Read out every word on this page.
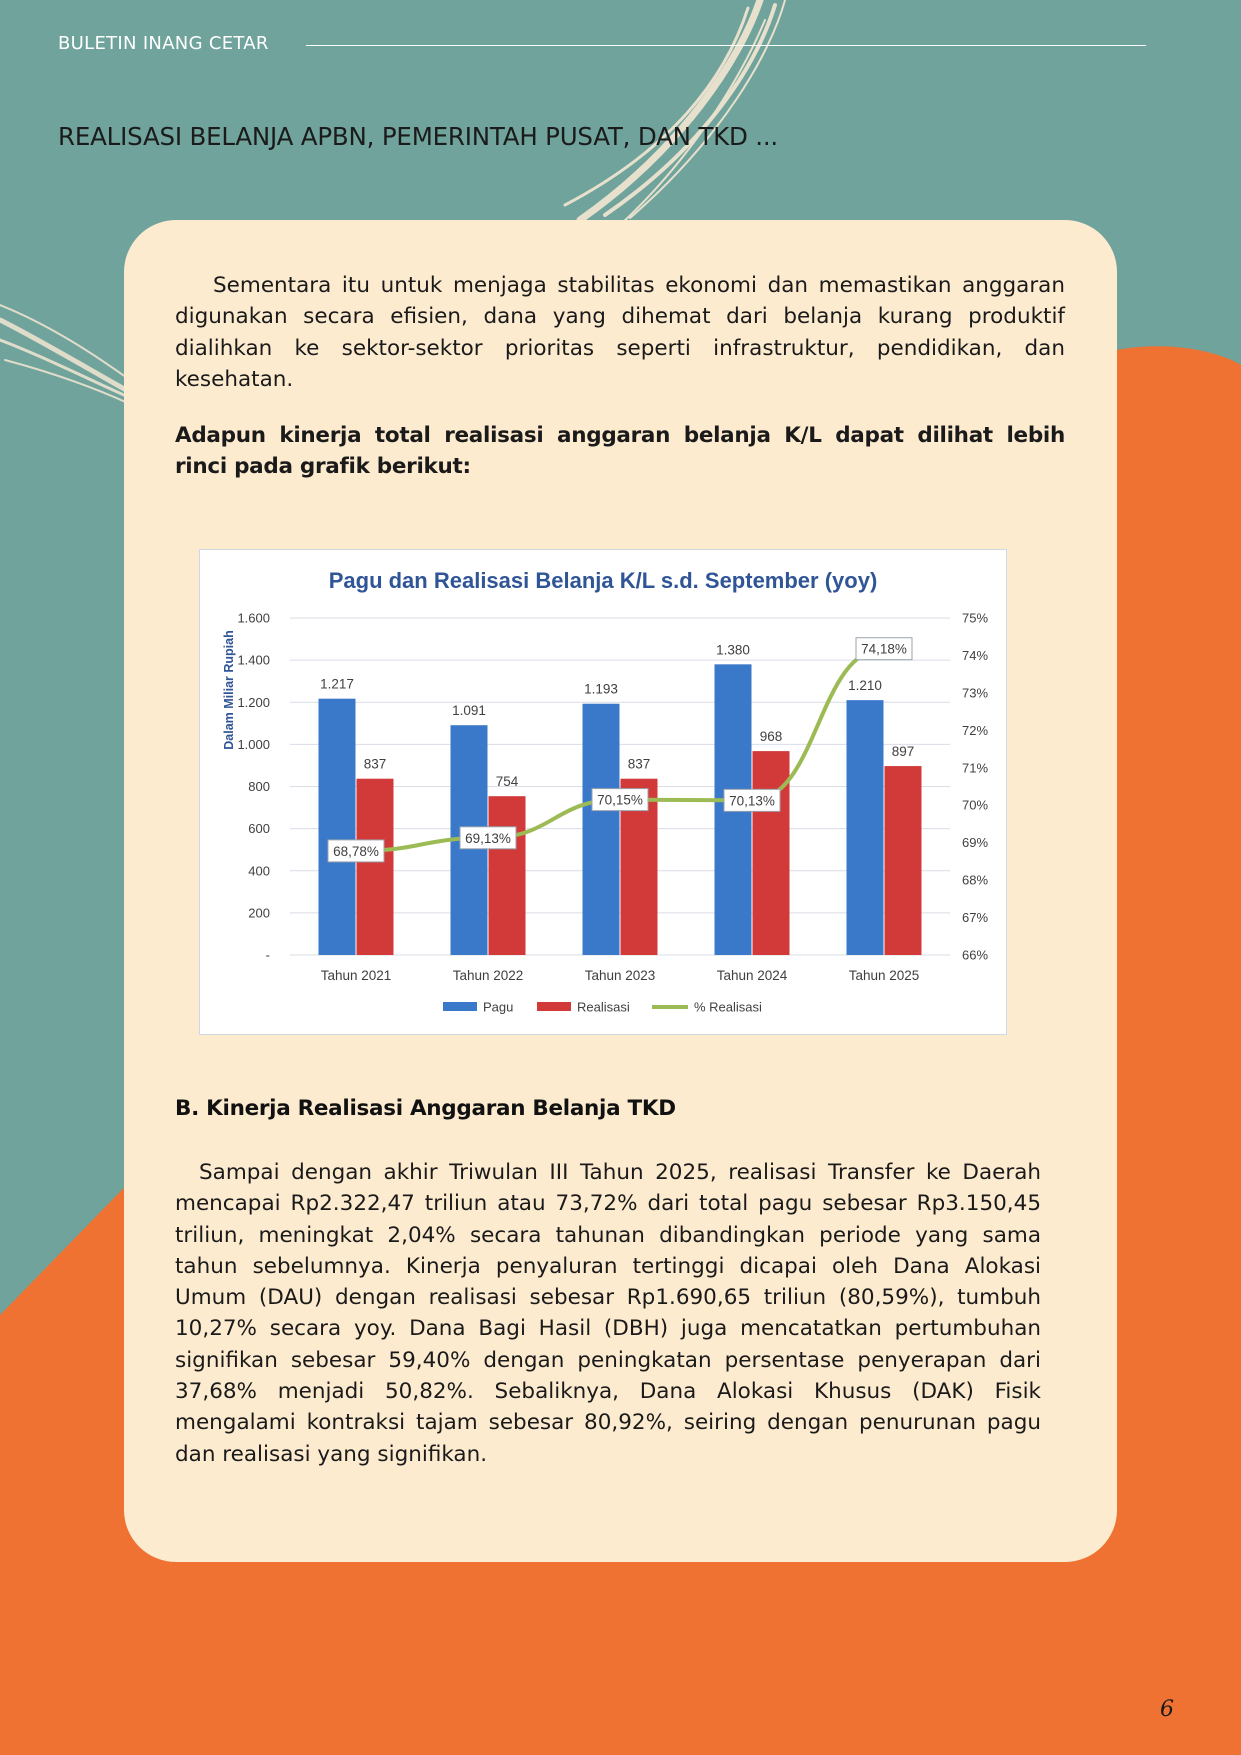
BULETIN INANG CETAR
REALISASI BELANJA APBN, PEMERINTAH PUSAT, DAN TKD ...

Sementara itu untuk menjaga stabilitas ekonomi dan memastikan anggaran digunakan secara efisien, dana yang dihemat dari belanja kurang produktif dialihkan ke sektor-sektor prioritas seperti infrastruktur, pendidikan, dan kesehatan.

Adapun kinerja total realisasi anggaran belanja K/L dapat dilihat lebih rinci pada grafik berikut:

Pagu dan Realisasi Belanja K/L s.d. September (yoy)
Dalam Miliar Rupiah	1.217
837
1.091
754
1.193
837
1.380
968
1.210
897
68,78%
69,13%
70,15%	70,13%
74,18%
-
200
400
600
800
1.000
1.200
1.400
1.600
66%
67%
68%
69%
70%
71%
72%
73%
74%
75%
Tahun 2021	Tahun 2022	Tahun 2023	Tahun 2024	Tahun 2025
Pagu	Realisasi	% Realisasi
B. Kinerja Realisasi Anggaran Belanja TKD

Sampai dengan akhir Triwulan III Tahun 2025, realisasi Transfer ke Daerah mencapai Rp2.322,47 triliun atau 73,72% dari total pagu sebesar Rp3.150,45 triliun, meningkat 2,04% secara tahunan dibandingkan periode yang sama tahun sebelumnya. Kinerja penyaluran tertinggi dicapai oleh Dana Alokasi Umum (DAU) dengan realisasi sebesar Rp1.690,65 triliun (80,59%), tumbuh 10,27% secara yoy. Dana Bagi Hasil (DBH) juga mencatatkan pertumbuhan signifikan sebesar 59,40% dengan peningkatan persentase penyerapan dari 37,68% menjadi 50,82%. Sebaliknya, Dana Alokasi Khusus (DAK) Fisik mengalami kontraksi tajam sebesar 80,92%, seiring dengan penurunan pagu dan realisasi yang signifikan.

6
